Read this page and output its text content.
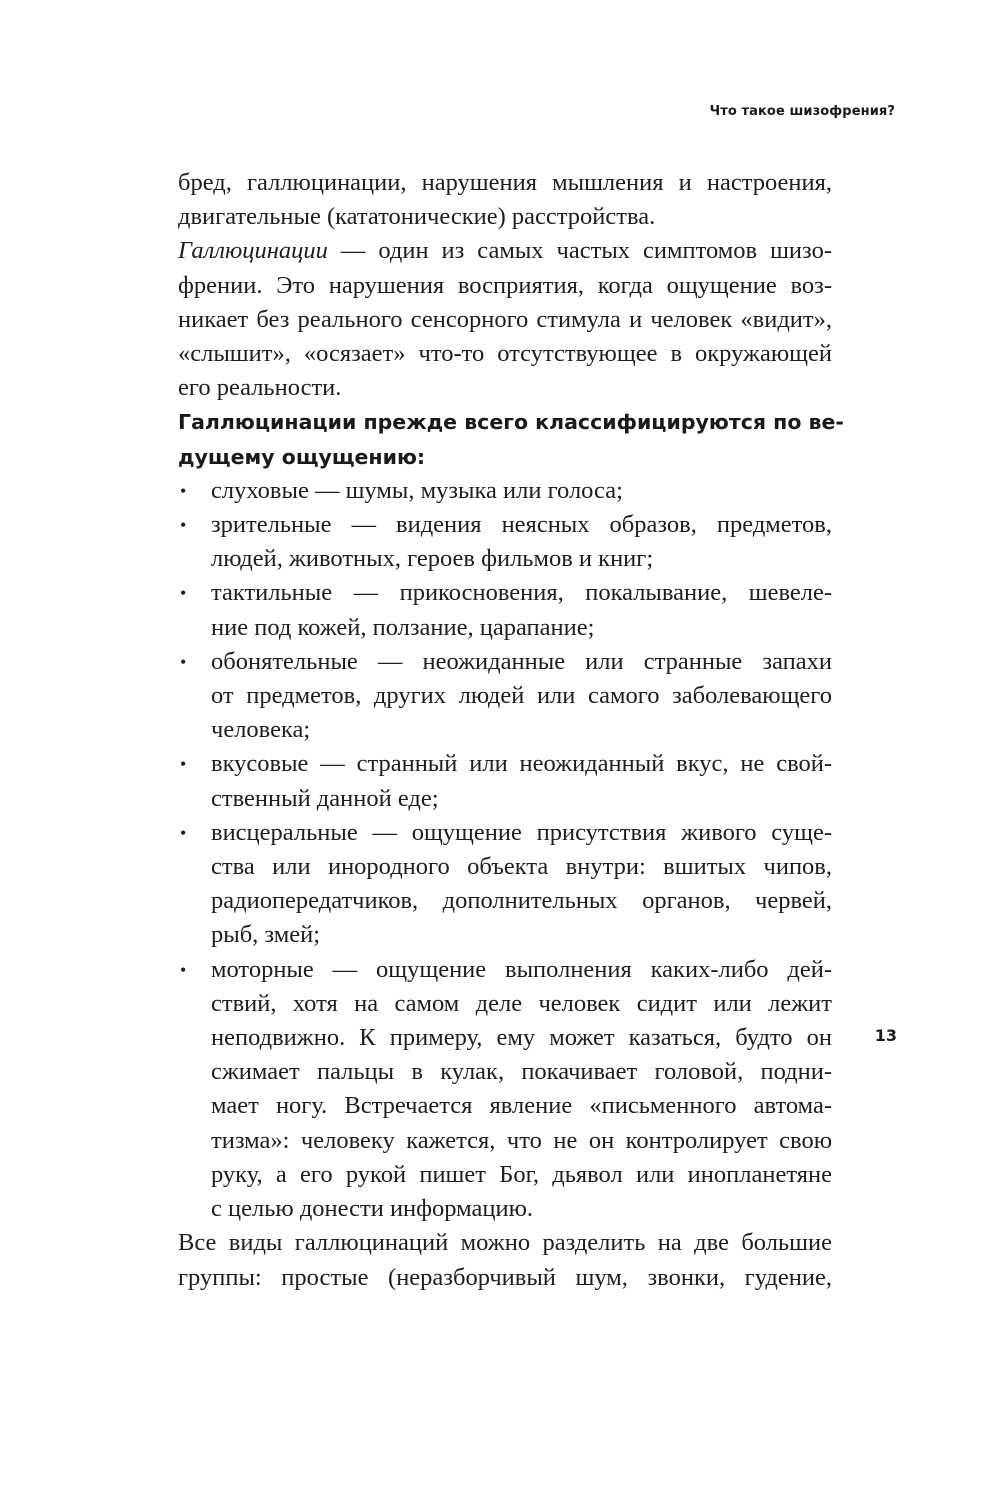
Что такое шизофрения?

бред, галлюцинации, нарушения мышления и настроения,
двигательные (кататонические) расстройства.

Галлюцинации — один из самых частых симптомов шизо-
френии. Это нарушения восприятия, когда ощущение воз-
никает без реального сенсорного стимула и человек «видит»,
«слышит», «осязает» что-то отсутствующее в окружающей
его реальности.

Галлюцинации прежде всего классифицируются по ве-
дущему ощущению:

• слуховые — шумы, музыка или голоса;
• зрительные — видения неясных образов, предметов,
людей, животных, героев фильмов и книг;
• тактильные — прикосновения, покалывание, шевеле-
ние под кожей, ползание, царапание;
• обонятельные — неожиданные или странные запахи
от предметов, других людей или самого заболевающего
человека;
• вкусовые — странный или неожиданный вкус, не свой-
ственный данной еде;
• висцеральные — ощущение присутствия живого суще-
ства или инородного объекта внутри: вшитых чипов,
радиопередатчиков, дополнительных органов, червей,
рыб, змей;
• моторные — ощущение выполнения каких-либо дей-
ствий, хотя на самом деле человек сидит или лежит
неподвижно. К примеру, ему может казаться, будто он
сжимает пальцы в кулак, покачивает головой, подни-
мает ногу. Встречается явление «письменного автома-
тизма»: человеку кажется, что не он контролирует свою
руку, а его рукой пишет Бог, дьявол или инопланетяне
с целью донести информацию.

Все виды галлюцинаций можно разделить на две большие
группы: простые (неразборчивый шум, звонки, гудение,

13
